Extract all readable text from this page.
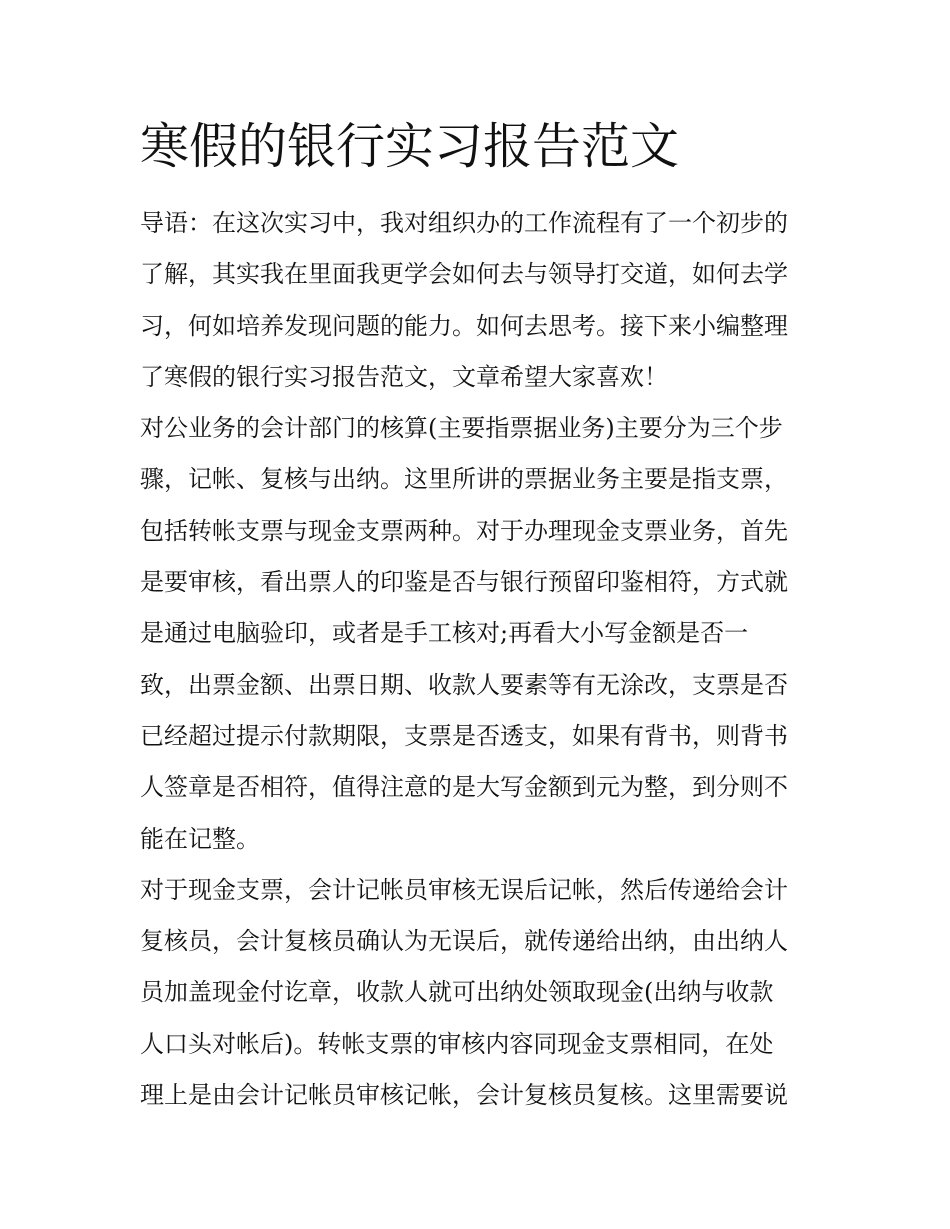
寒假的银行实习报告范文

导语：在这次实习中，我对组织办的工作流程有了一个初步的
了解，其实我在里面我更学会如何去与领导打交道，如何去学
习，何如培养发现问题的能力。如何去思考。接下来小编整理
了寒假的银行实习报告范文，文章希望大家喜欢！

对公业务的会计部门的核算(主要指票据业务)主要分为三个步
骤，记帐、复核与出纳。这里所讲的票据业务主要是指支票，
包括转帐支票与现金支票两种。对于办理现金支票业务，首先
是要审核，看出票人的印鉴是否与银行预留印鉴相符，方式就
是通过电脑验印，或者是手工核对;再看大小写金额是否一
致，出票金额、出票日期、收款人要素等有无涂改，支票是否
已经超过提示付款期限，支票是否透支，如果有背书，则背书
人签章是否相符，值得注意的是大写金额到元为整，到分则不
能在记整。

对于现金支票，会计记帐员审核无误后记帐，然后传递给会计
复核员，会计复核员确认为无误后，就传递给出纳，由出纳人
员加盖现金付讫章，收款人就可出纳处领取现金(出纳与收款
人口头对帐后)。转帐支票的审核内容同现金支票相同，在处
理上是由会计记帐员审核记帐，会计复核员复核。这里需要说
